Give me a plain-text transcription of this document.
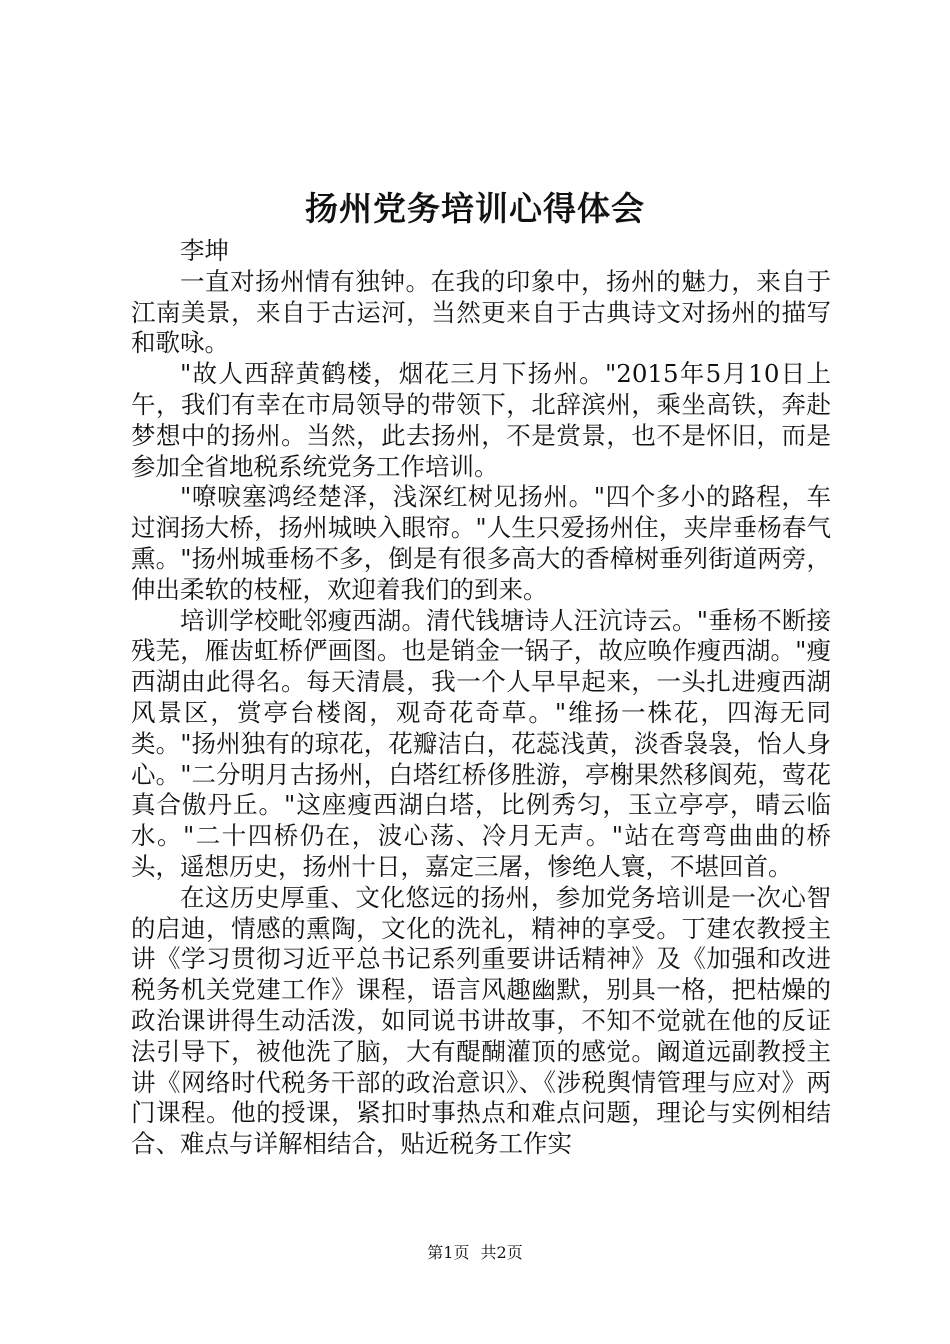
扬州党务培训心得体会
李坤

一直对扬州情有独钟。在我的印象中，扬州的魅力，来自于江南美景，来自于古运河，当然更来自于古典诗文对扬州的描写和歌咏。

"故人西辞黄鹤楼，烟花三月下扬州。"2015年5月10日上午，我们有幸在市局领导的带领下，北辞滨州，乘坐高铁，奔赴梦想中的扬州。当然，此去扬州，不是赏景，也不是怀旧，而是参加全省地税系统党务工作培训。

"嘹唳塞鸿经楚泽，浅深红树见扬州。"四个多小的路程，车过润扬大桥，扬州城映入眼帘。"人生只爱扬州住，夹岸垂杨春气熏。"扬州城垂杨不多，倒是有很多高大的香樟树垂列街道两旁，伸出柔软的枝桠，欢迎着我们的到来。

培训学校毗邻瘦西湖。清代钱塘诗人汪沆诗云。"垂杨不断接残芜，雁齿虹桥俨画图。也是销金一锅子，故应唤作瘦西湖。"瘦西湖由此得名。每天清晨，我一个人早早起来，一头扎进瘦西湖风景区，赏亭台楼阁，观奇花奇草。"维扬一株花，四海无同类。"扬州独有的琼花，花瓣洁白，花蕊浅黄，淡香袅袅，怡人身心。"二分明月古扬州，白塔红桥侈胜游，亭榭果然移阆苑，莺花真合傲丹丘。"这座瘦西湖白塔，比例秀匀，玉立亭亭，晴云临水。"二十四桥仍在，波心荡、冷月无声。"站在弯弯曲曲的桥头，遥想历史，扬州十日，嘉定三屠，惨绝人寰，不堪回首。

在这历史厚重、文化悠远的扬州，参加党务培训是一次心智的启迪，情感的熏陶，文化的洗礼，精神的享受。丁建农教授主讲《学习贯彻习近平总书记系列重要讲话精神》及《加强和改进税务机关党建工作》课程，语言风趣幽默，别具一格，把枯燥的政治课讲得生动活泼，如同说书讲故事，不知不觉就在他的反证法引导下，被他洗了脑，大有醍醐灌顶的感觉。阚道远副教授主讲《网络时代税务干部的政治意识》、《涉税舆情管理与应对》两门课程。他的授课，紧扣时事热点和难点问题，理论与实例相结合、难点与详解相结合，贴近税务工作实

第1页 共2页
